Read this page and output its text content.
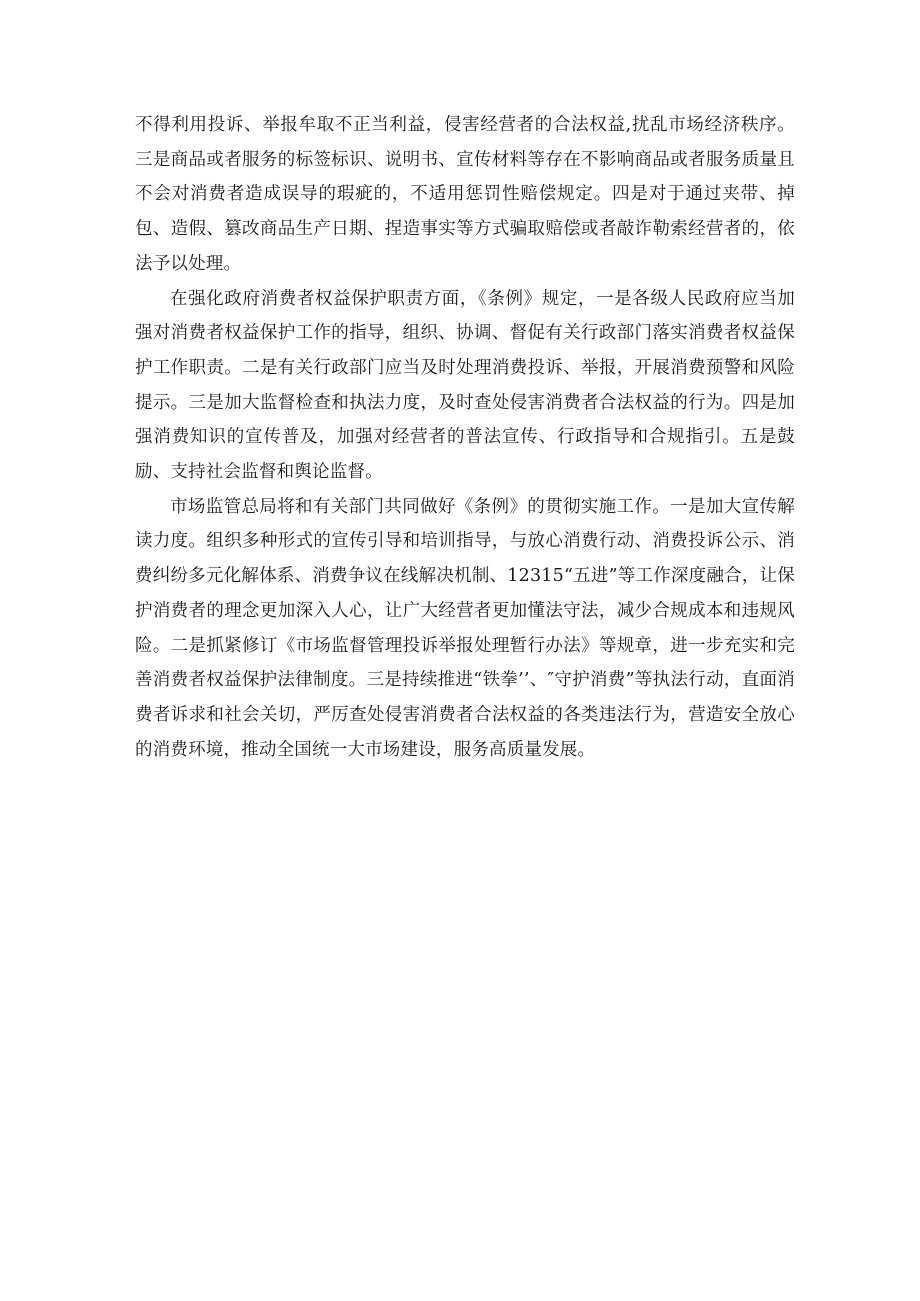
不得利用投诉、举报牟取不正当利益，侵害经营者的合法权益,扰乱市场经济秩序。三是商品或者服务的标签标识、说明书、宣传材料等存在不影响商品或者服务质量且不会对消费者造成误导的瑕疵的，不适用惩罚性赔偿规定。四是对于通过夹带、掉包、造假、篡改商品生产日期、捏造事实等方式骗取赔偿或者敲诈勒索经营者的，依法予以处理。

在强化政府消费者权益保护职责方面，《条例》规定，一是各级人民政府应当加强对消费者权益保护工作的指导，组织、协调、督促有关行政部门落实消费者权益保护工作职责。二是有关行政部门应当及时处理消费投诉、举报，开展消费预警和风险提示。三是加大监督检查和执法力度，及时查处侵害消费者合法权益的行为。四是加强消费知识的宣传普及，加强对经营者的普法宣传、行政指导和合规指引。五是鼓励、支持社会监督和舆论监督。

市场监管总局将和有关部门共同做好《条例》的贯彻实施工作。一是加大宣传解读力度。组织多种形式的宣传引导和培训指导，与放心消费行动、消费投诉公示、消费纠纷多元化解体系、消费争议在线解决机制、12315“五进”等工作深度融合，让保护消费者的理念更加深入人心，让广大经营者更加懂法守法，减少合规成本和违规风险。二是抓紧修订《市场监督管理投诉举报处理暂行办法》等规章，进一步充实和完善消费者权益保护法律制度。三是持续推进“铁拳’’、″守护消费”等执法行动，直面消费者诉求和社会关切，严厉查处侵害消费者合法权益的各类违法行为，营造安全放心的消费环境，推动全国统一大市场建设，服务高质量发展。
